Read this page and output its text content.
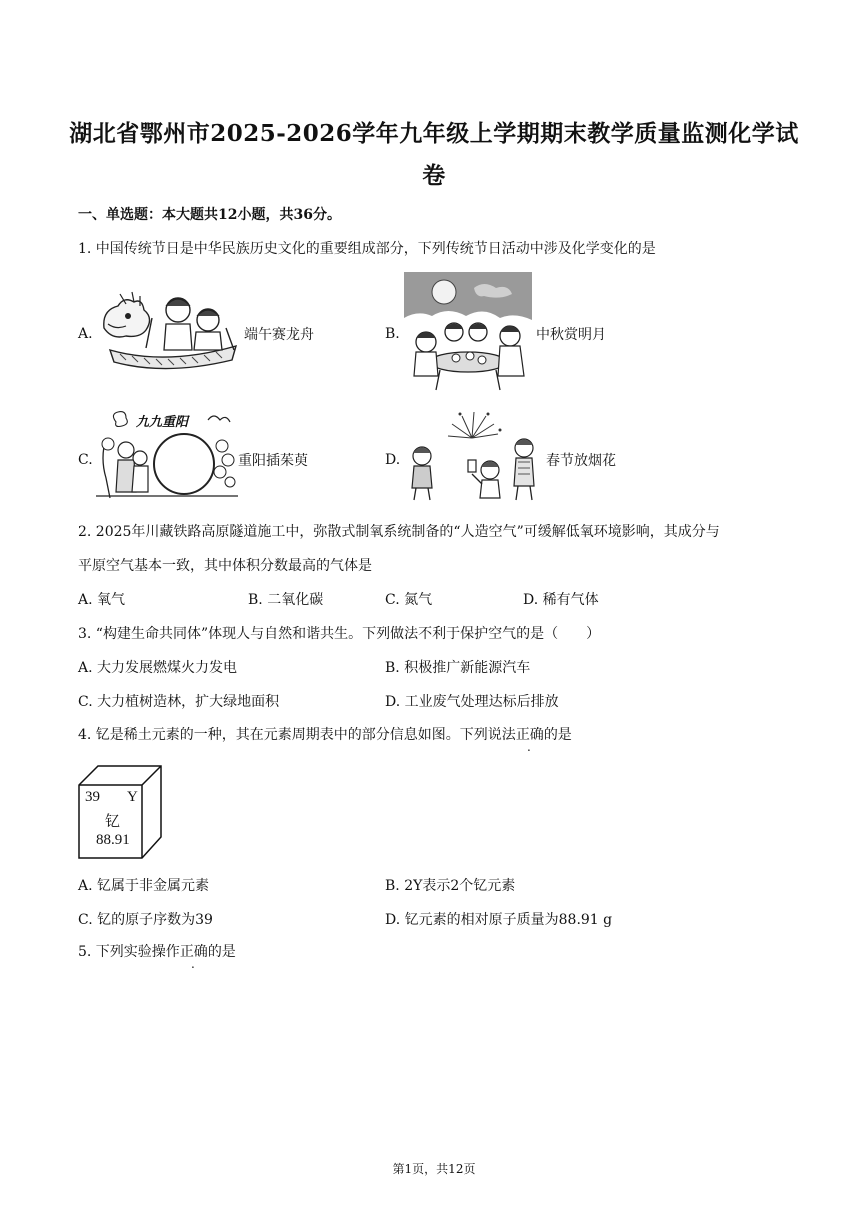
湖北省鄂州市2025-2026学年九年级上学期期末教学质量监测化学试
卷
一、单选题：本大题共12小题，共36分。
1. 中国传统节日是中华民族历史文化的重要组成部分，下列传统节日活动中涉及化学变化的是
A.	端午赛龙舟	B.	中秋赏明月
C.
九九重阳
重阳插茱萸	D.	春节放烟花
2. 2025年川藏铁路高原隧道施工中，弥散式制氧系统制备的“人造空气”可缓解低氧环境影响，其成分与
平原空气基本一致，其中体积分数最高的气体是
A. 氧气	B. 二氧化碳	C. 氮气	D. 稀有气体
3. “构建生命共同体”体现人与自然和谐共生。下列做法不利于保护空气的是（　　）
A. 大力发展燃煤火力发电	B. 积极推广新能源汽车
C. 大力植树造林，扩大绿地面积	D. 工业废气处理达标后排放
4. 钇是稀土元素的一种，其在元素周期表中的部分信息如图。下列说法正确的是
39 Y
钇
88.91
A. 钇属于非金属元素	B. 2Y表示2个钇元素
C. 钇的原子序数为39	D. 钇元素的相对原子质量为88.91 g
5. 下列实验操作正确的是
第1页，共12页
